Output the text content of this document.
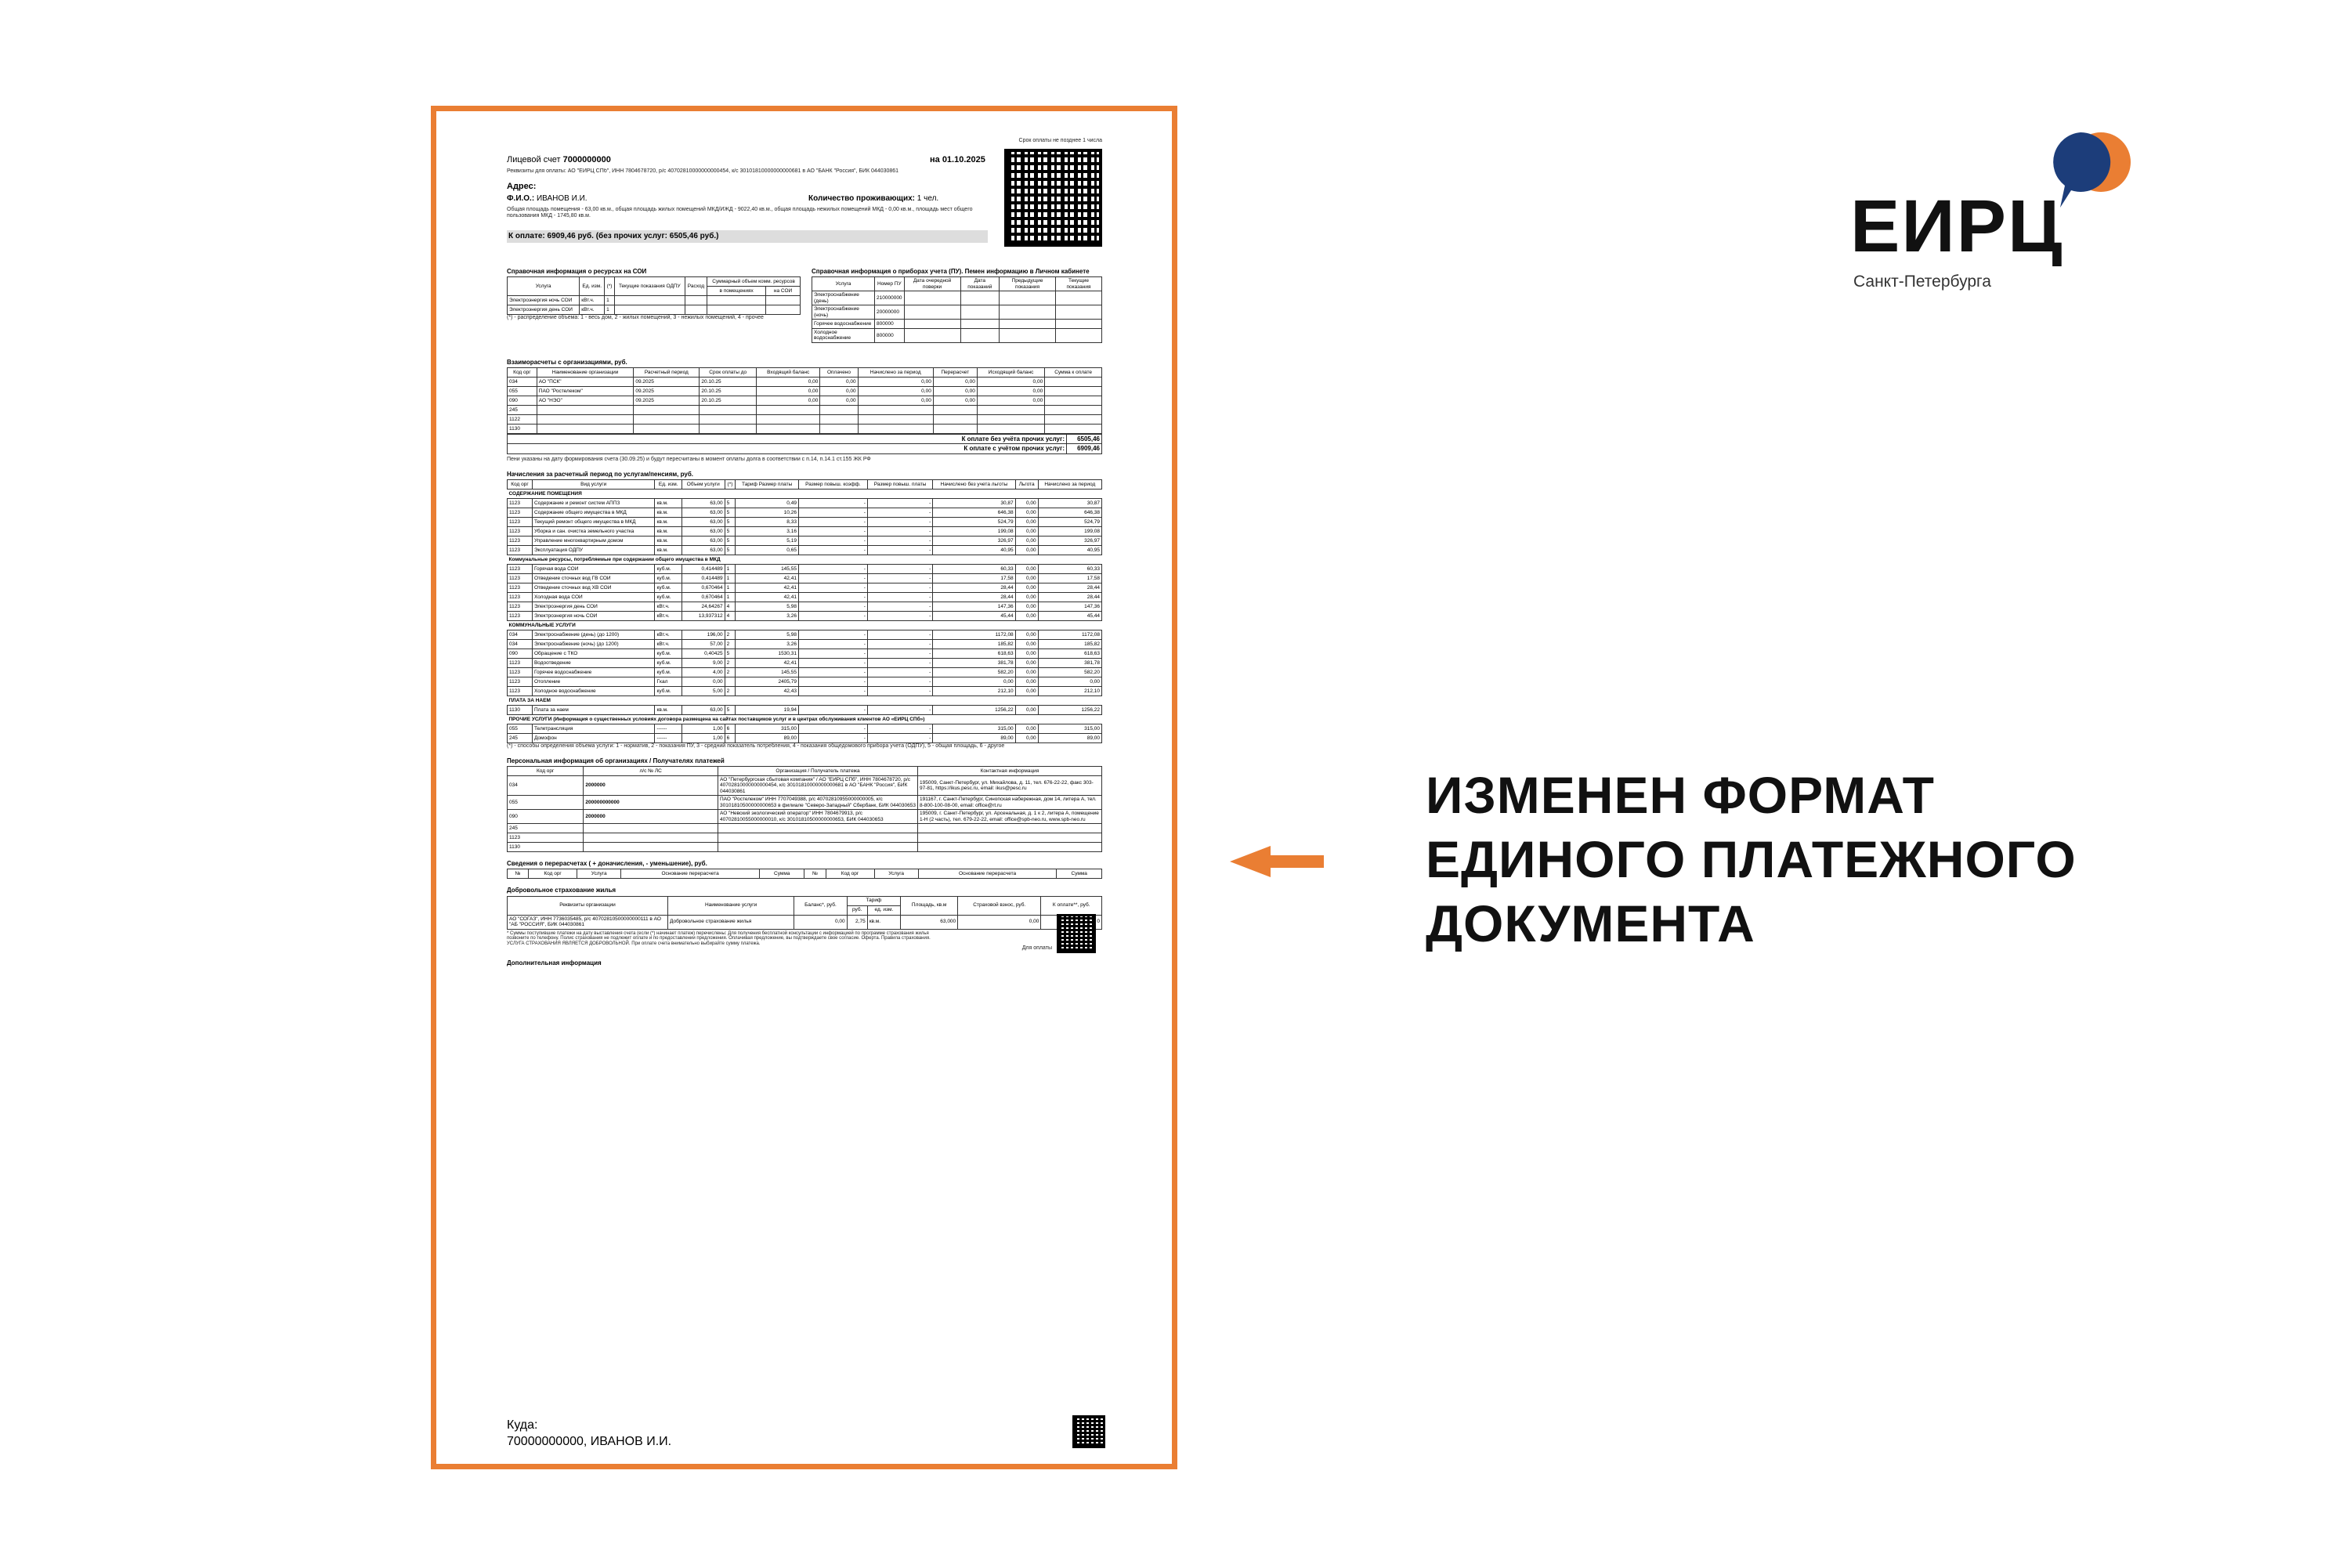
Срок оплаты не позднее 1 числа
Лицевой счет 7000000000	на 01.10.2025
Реквизиты для оплаты: АО "ЕИРЦ СПб", ИНН 7804678720, р/с 40702810000000000454, к/с 30101810000000000681 в АО "БАНК "Россия", БИК 044030861
Адрес:
Ф.И.О.: ИВАНОВ И.И.	Количество проживающих: 1 чел.
Общая площадь помещения - 63,00 кв.м., общая площадь жилых помещений МКД/ИЖД - 9022,40 кв.м., общая площадь нежилых помещений МКД - 0,00 кв.м., площадь мест общего пользования МКД - 1745,80 кв.м.
К оплате: 6909,46 руб. (без прочих услуг: 6505,46 руб.)
Справочная информация о ресурсах на СОИ
Услуга	Ед. изм.	(*)	Текущие показания ОДПУ	Расход	Суммарный объем комм. ресурсов	
					в помещениях	на СОИ
Электроэнергия ночь СОИ	кВт.ч.	1				
Электроэнергия день СОИ	кВт.ч.	1				
(*) - распределение объема: 1 - весь дом, 2 - жилых помещений, 3 - нежилых помещений, 4 - прочее
Справочная информация о приборах учета (ПУ). Пемен информацию в Личном кабинете
Услуга	Номер ПУ	Дата очередной поверки	Дата показаний	Предыдущие показания	Текущие показания
Электроснабжение (день)	210000000				
Электроснабжение (ночь)	20000000				
Горячее водоснабжение	800000				
Холодное водоснабжение	800000				
Взаиморасчеты с организациями, руб.
Код орг	Наименование организации	Расчетный период	Срок оплаты до	Входящий баланс	Оплачено	Начислено за период	Перерасчет	Исходящий баланс	Сумма к оплате
034	АО "ПСК"	09.2025	20.10.25	0,00	0,00	0,00	0,00	0,00	
055	ПАО "Ростелеком"	09.2025	20.10.25	0,00	0,00	0,00	0,00	0,00	
090	АО "НЭО"	09.2025	20.10.25	0,00	0,00	0,00	0,00	0,00	
245									
1122									
1130									
К оплате без учёта прочих услуг:	6505,46
К оплате с учётом прочих услуг:	6909,46
Пени указаны на дату формирования счета (30.09.25) и будут пересчитаны в момент оплаты долга в соответствии с п.14, п.14.1 ст.155 ЖК РФ
Начисления за расчетный период по услугам/пенсиям, руб.
Код орг	Вид услуги	Ед. изм.	Объем услуги	(*)	Тариф Размер платы	Размер повыш. коэфф.	Размер повыш. платы	Начислено без учета льготы	Льгота	Начислено за период
СОДЕРЖАНИЕ ПОМЕЩЕНИЯ										
1123	Содержание и ремонт систем АППЗ	кв.м.	63,00	5	0,49	-	-	30,87	0,00	30,87
1123	Содержание общего имущества в МКД	кв.м.	63,00	5	10,26	-	-	646,38	0,00	646,38
1123	Текущий ремонт общего имущества в МКД	кв.м.	63,00	5	8,33	-	-	524,79	0,00	524,79
1123	Уборка и сан. очистка земельного участка	кв.м.	63,00	5	3,16	-	-	199,08	0,00	199,08
1123	Управление многоквартирным домом	кв.м.	63,00	5	5,19	-	-	326,97	0,00	326,97
1123	Эксплуатация ОДПУ	кв.м.	63,00	5	0,65	-	-	40,95	0,00	40,95
Коммунальные ресурсы, потребляемые при содержании общего имущества в МКД										
1123	Горячая вода СОИ	куб.м.	0,414489	1	145,55	-	-	60,33	0,00	60,33
1123	Отведение сточных вод ГВ СОИ	куб.м.	0,414489	1	42,41	-	-	17,58	0,00	17,58
1123	Отведение сточных вод ХВ СОИ	куб.м.	0,670464	1	42,41	-	-	28,44	0,00	28,44
1123	Холодная вода СОИ	куб.м.	0,670464	1	42,41	-	-	28,44	0,00	28,44
1123	Электроэнергия день СОИ	кВт.ч.	24,64267	4	5,98	-	-	147,36	0,00	147,36
1123	Электроэнергия ночь СОИ	кВт.ч.	13,937312	4	3,26	-	-	45,44	0,00	45,44
КОММУНАЛЬНЫЕ УСЛУГИ										
034	Электроснабжение (день) (до 1200)	кВт.ч.	196,00	2	5,98	-	-	1172,08	0,00	1172,08
034	Электроснабжение (ночь) (до 1200)	кВт.ч.	57,00	2	3,26	-	-	185,82	0,00	185,82
090	Обращение с ТКО	куб.м.	0,40425	5	1530,31	-	-	618,63	0,00	618,63
1123	Водоотведение	куб.м.	9,00	2	42,41	-	-	381,78	0,00	381,78
1123	Горячее водоснабжение	куб.м.	4,00	2	145,55	-	-	582,20	0,00	582,20
1123	Отопление	Гкал	0,00		2405,79	-	-	0,00	0,00	0,00
1123	Холодное водоснабжение	куб.м.	5,00	2	42,43	-	-	212,10	0,00	212,10
ПЛАТА ЗА НАЕМ										
1130	Плата за наем	кв.м.	63,00	5	19,94	-	-	1256,22	0,00	1256,22
ПРОЧИЕ УСЛУГИ (Информация о существенных условиях договора размещена на сайтах поставщиков услуг и в центрах обслуживания клиентов АО «ЕИРЦ СПб»)										
055	Телетрансляция	------	1,00	6	315,00	-	-	315,00	0,00	315,00
245	Домофон	------	1,00	6	89,00	-	-	89,00	0,00	89,00
(*) - способы определения объема услуги: 1 - норматив, 2 - показания ПУ, 3 - средний показатель потребления, 4 - показания общедомового прибора учета (ОДПУ), 5 - общая площадь, 6 - другое
Персональная информация об организациях / Получателях платежей
Код орг	л/с № ЛС	Организация / Получатель платежа	Контактная информация
034	2000000	АО "Петербургская сбытовая компания" / АО "ЕИРЦ СПб", ИНН 7804678720, р/с 40702810000000000454, к/с 30101810000000000681 в АО "БАНК "Россия", БИК 044030861	195009, Санкт-Петербург, ул. Михайлова, д. 11, тел. 676-22-22, факс 303-97-81, https://ikus.pesc.ru, email: ikus@pesc.ru
055	200000000000	ПАО "Ростелеком" ИНН 7707049388, р/с 40702810955000000005, к/с 30101810500000000653 в филиале "Северо-Западный" Сбербанк, БИК 044030653	191167, г. Санкт-Петербург, Синопская набережная, дом 14, литера А, тел. 8-800-100-08-00, email: office@rt.ru
090	2000000	АО "Невский экологический оператор" ИНН 7804679913, р/с 40702810055000000010, к/с 30101810500000000653, БИК 044030653	195009, г. Санкт-Петербург, ул. Арсенальная, д. 1 к 2, литера А, помещение 1-Н (2 часть), тел. 679-22-22, email: office@spb-neo.ru, www.spb-neo.ru
245			
1123			
1130			
Сведения о перерасчетах ( + доначисления, - уменьшение), руб.
№	Код орг	Услуга	Основание перерасчета	Сумма	№	Код орг	Услуга	Основание перерасчета	Сумма
Добровольное страхование жилья
Реквизиты организации	Наименование услуги	Баланс*, руб.	Тариф		Площадь, кв.м	Страховой взнос, руб.	К оплате**, руб.
			руб.	ед. изм.			
АО "СОГАЗ", ИНН 7736035485, р/с 40702810500000000111 в АО "АБ "РОССИЯ", БИК 044030861	Добровольное страхование жилья	0,00	2,75	кв.м.	63,000	0,00	0
* Суммы поступившие платежи на дату выставления счета (если (*) начинает платеж) перечислены: Для получения бесплатной консультации с информацией по программе страхования жилья позвоните по телефону. Полис страхования не подлежит оплате и по предоставлении предложения. Оплачивая предложение, вы подтверждаете свое согласие. Оферта. Правила страхования. УСЛУГА СТРАХОВАНИЯ ЯВЛЯЕТСЯ ДОБРОВОЛЬНОЙ. При оплате счета внимательно выбирайте сумму платежа.
Для оплаты
Дополнительная информация
Куда:
70000000000, ИВАНОВ И.И.
ЕИРЦ
Санкт-Петербурга
ИЗМЕНЕН ФОРМАТ
ЕДИНОГО ПЛАТЕЖНОГО
ДОКУМЕНТА
